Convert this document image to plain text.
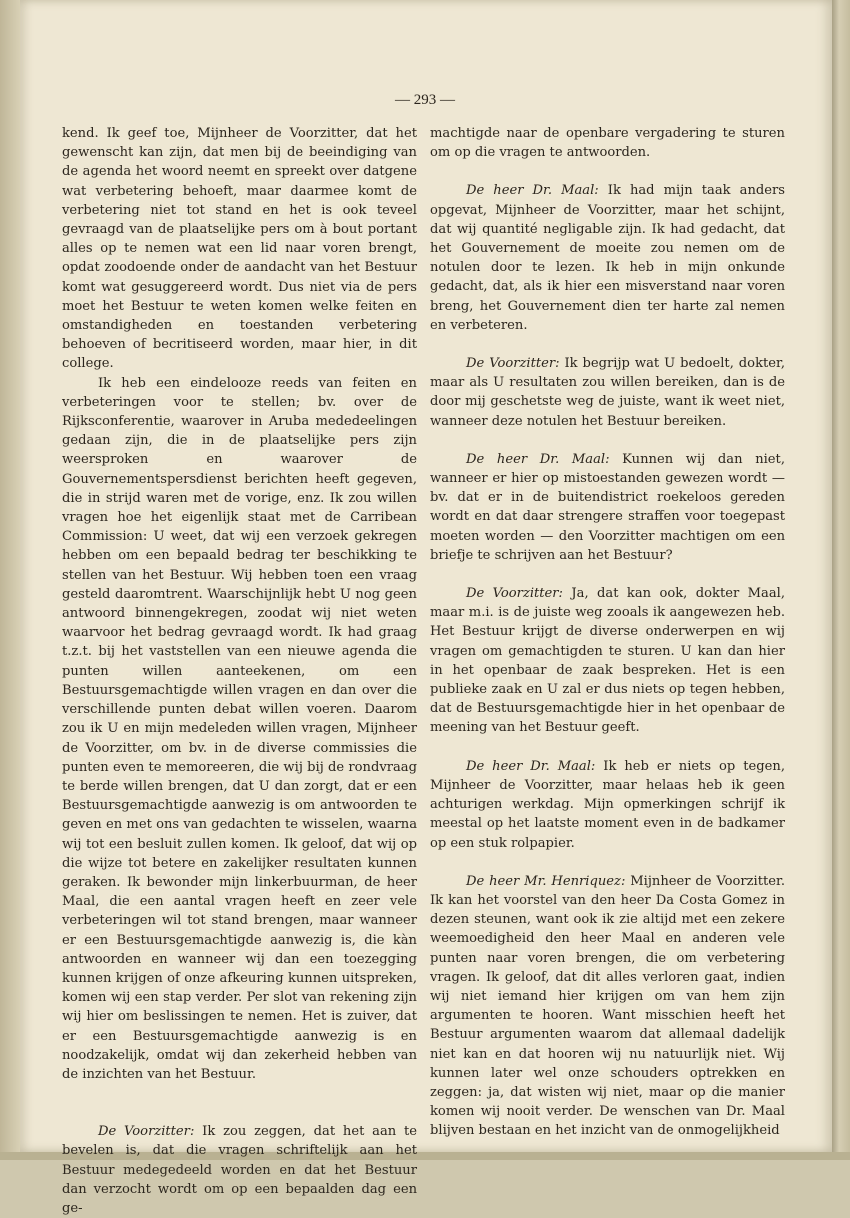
— 293 —

kend. Ik geef toe, Mijnheer de Voorzitter, dat het gewenscht kan zijn, dat men bij de beeindiging van de agenda het woord neemt en spreekt over datgene wat verbetering behoeft, maar daarmee komt de verbetering niet tot stand en het is ook teveel gevraagd van de plaatselijke pers om à bout portant alles op te nemen wat een lid naar voren brengt, opdat zoodoende onder de aandacht van het Bestuur komt wat gesuggereerd wordt. Dus niet via de pers moet het Bestuur te weten komen welke feiten en omstandigheden en toestanden verbetering behoeven of becritiseerd worden, maar hier, in dit college.

Ik heb een eindelooze reeds van feiten en verbeteringen voor te stellen; bv. over de Rijksconferentie, waarover in Aruba mededeelingen gedaan zijn, die in de plaatselijke pers zijn weersproken en waarover de Gouvernementspersdienst berichten heeft gegeven, die in strijd waren met de vorige, enz. Ik zou willen vragen hoe het eigenlijk staat met de Carribean Commission: U weet, dat wij een verzoek gekregen hebben om een bepaald bedrag ter beschikking te stellen van het Bestuur. Wij hebben toen een vraag gesteld daaromtrent. Waarschijnlijk hebt U nog geen antwoord binnengekregen, zoodat wij niet weten waarvoor het bedrag gevraagd wordt. Ik had graag t.z.t. bij het vaststellen van een nieuwe agenda die punten willen aanteekenen, om een Bestuursgemachtigde willen vragen en dan over die verschillende punten debat willen voeren. Daarom zou ik U en mijn medeleden willen vragen, Mijnheer de Voorzitter, om bv. in de diverse commissies die punten even te memoreeren, die wij bij de rondvraag te berde willen brengen, dat U dan zorgt, dat er een Bestuursgemachtigde aanwezig is om antwoorden te geven en met ons van gedachten te wisselen, waarna wij tot een besluit zullen komen. Ik geloof, dat wij op die wijze tot betere en zakelijker resultaten kunnen geraken. Ik bewonder mijn linkerbuurman, de heer Maal, die een aantal vragen heeft en zeer vele verbeteringen wil tot stand brengen, maar wanneer er een Bestuursgemachtigde aanwezig is, die kàn antwoorden en wanneer wij dan een toezegging kunnen krijgen of onze afkeuring kunnen uitspreken, komen wij een stap verder. Per slot van rekening zijn wij hier om beslissingen te nemen. Het is zuiver, dat er een Bestuursgemachtigde aanwezig is en noodzakelijk, omdat wij dan zekerheid hebben van de inzichten van het Bestuur.

De Voorzitter: Ik zou zeggen, dat het aan te bevelen is, dat die vragen schriftelijk aan het Bestuur medegedeeld worden en dat het Bestuur dan verzocht wordt om op een bepaalden dag een ge-

machtigde naar de openbare vergadering te sturen om op die vragen te antwoorden.

De heer Dr. Maal: Ik had mijn taak anders opgevat, Mijnheer de Voorzitter, maar het schijnt, dat wij quantité negligable zijn. Ik had gedacht, dat het Gouvernement de moeite zou nemen om de notulen door te lezen. Ik heb in mijn onkunde gedacht, dat, als ik hier een misverstand naar voren breng, het Gouvernement dien ter harte zal nemen en verbeteren.

De Voorzitter: Ik begrijp wat U bedoelt, dokter, maar als U resultaten zou willen bereiken, dan is de door mij geschetste weg de juiste, want ik weet niet, wanneer deze notulen het Bestuur bereiken.

De heer Dr. Maal: Kunnen wij dan niet, wanneer er hier op mistoestanden gewezen wordt — bv. dat er in de buitendistrict roekeloos gereden wordt en dat daar strengere straffen voor toegepast moeten worden — den Voorzitter machtigen om een briefje te schrijven aan het Bestuur?

De Voorzitter: Ja, dat kan ook, dokter Maal, maar m.i. is de juiste weg zooals ik aangewezen heb. Het Bestuur krijgt de diverse onderwerpen en wij vragen om gemachtigden te sturen. U kan dan hier in het openbaar de zaak bespreken. Het is een publieke zaak en U zal er dus niets op tegen hebben, dat de Bestuursgemachtigde hier in het openbaar de meening van het Bestuur geeft.

De heer Dr. Maal: Ik heb er niets op tegen, Mijnheer de Voorzitter, maar helaas heb ik geen achturigen werkdag. Mijn opmerkingen schrijf ik meestal op het laatste moment even in de badkamer op een stuk rolpapier.

De heer Mr. Henriquez: Mijnheer de Voorzitter. Ik kan het voorstel van den heer Da Costa Gomez in dezen steunen, want ook ik zie altijd met een zekere weemoedigheid den heer Maal en anderen vele punten naar voren brengen, die om verbetering vragen. Ik geloof, dat dit alles verloren gaat, indien wij niet iemand hier krijgen om van hem zijn argumenten te hooren. Want misschien heeft het Bestuur argumenten waarom dat allemaal dadelijk niet kan en dat hooren wij nu natuurlijk niet. Wij kunnen later wel onze schouders optrekken en zeggen: ja, dat wisten wij niet, maar op die manier komen wij nooit verder. De wenschen van Dr. Maal blijven bestaan en het inzicht van de onmogelijkheid
